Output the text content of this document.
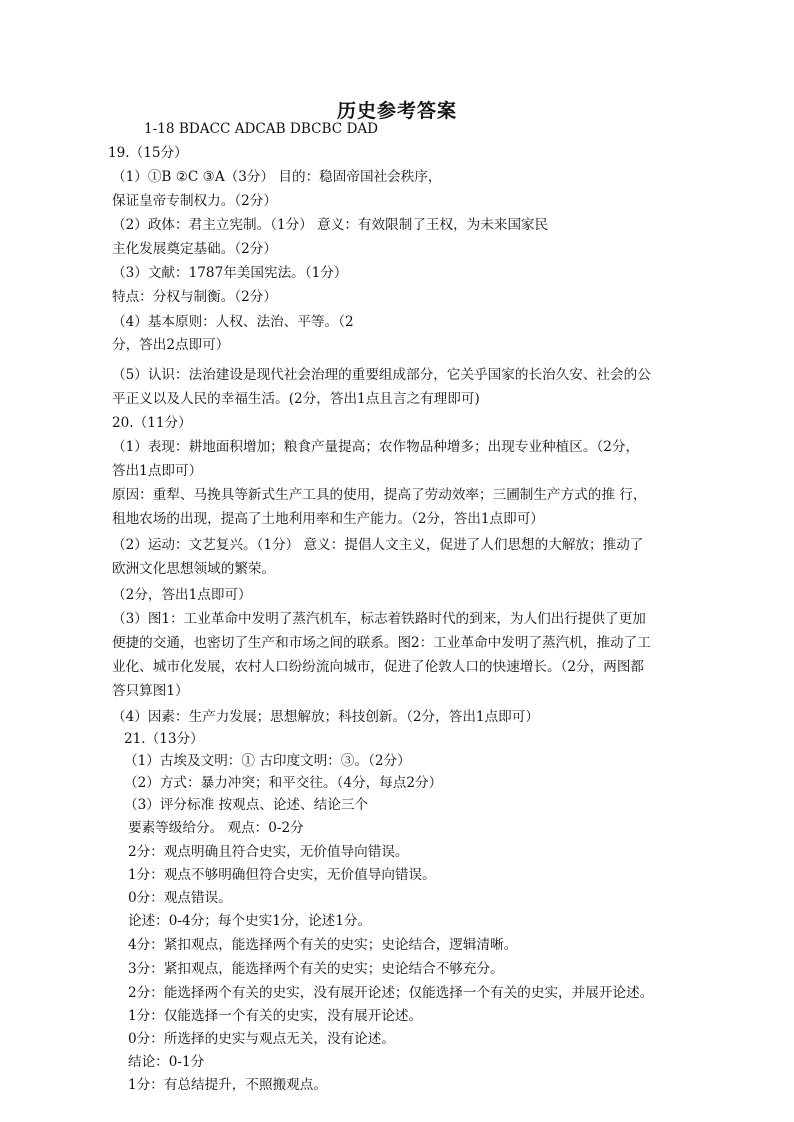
历史参考答案
1-18 BDACC ADCAB DBCBC DAD
19.（15分）
（1）①B ②C ③A（3分） 目的：稳固帝国社会秩序，
保证皇帝专制权力。（2分）
（2）政体：君主立宪制。（1分） 意义：有效限制了王权，为未来国家民
主化发展奠定基础。（2分）
（3）文献：1787年美国宪法。（1分）
特点：分权与制衡。（2分）
（4）基本原则：人权、法治、平等。（2
分，答出2点即可）
（5）认识：法治建设是现代社会治理的重要组成部分，它关乎国家的长治久安、社会的公
平正义以及人民的幸福生活。(2分，答出1点且言之有理即可)
20.（11分）
（1）表现：耕地面积增加；粮食产量提高；农作物品种增多；出现专业种植区。（2分，
答出1点即可）
原因：重犁、马挽具等新式生产工具的使用，提高了劳动效率；三圃制生产方式的推 行，
租地农场的出现，提高了土地利用率和生产能力。（2分，答出1点即可）
（2）运动：文艺复兴。（1分） 意义：提倡人文主义，促进了人们思想的大解放；推动了
欧洲文化思想领域的繁荣。
（2分，答出1点即可）
（3）图1：工业革命中发明了蒸汽机车，标志着铁路时代的到来，为人们出行提供了更加
便捷的交通，也密切了生产和市场之间的联系。图2：工业革命中发明了蒸汽机，推动了工
业化、城市化发展，农村人口纷纷流向城市，促进了伦敦人口的快速增长。（2分，两图都
答只算图1）
（4）因素：生产力发展；思想解放；科技创新。（2分，答出1点即可）
21.（13分）
（1）古埃及文明：① 古印度文明：③。（2分）
（2）方式：暴力冲突；和平交往。（4分，每点2分）
（3）评分标准 按观点、论述、结论三个
要素等级给分。 观点：0-2分
2分：观点明确且符合史实，无价值导向错误。
1分：观点不够明确但符合史实，无价值导向错误。
0分：观点错误。
论述：0-4分；每个史实1分，论述1分。
4分：紧扣观点，能选择两个有关的史实；史论结合，逻辑清晰。
3分：紧扣观点，能选择两个有关的史实；史论结合不够充分。
2分：能选择两个有关的史实，没有展开论述；仅能选择一个有关的史实，并展开论述。
1分：仅能选择一个有关的史实，没有展开论述。
0分：所选择的史实与观点无关，没有论述。
结论：0-1分
1分：有总结提升，不照搬观点。
